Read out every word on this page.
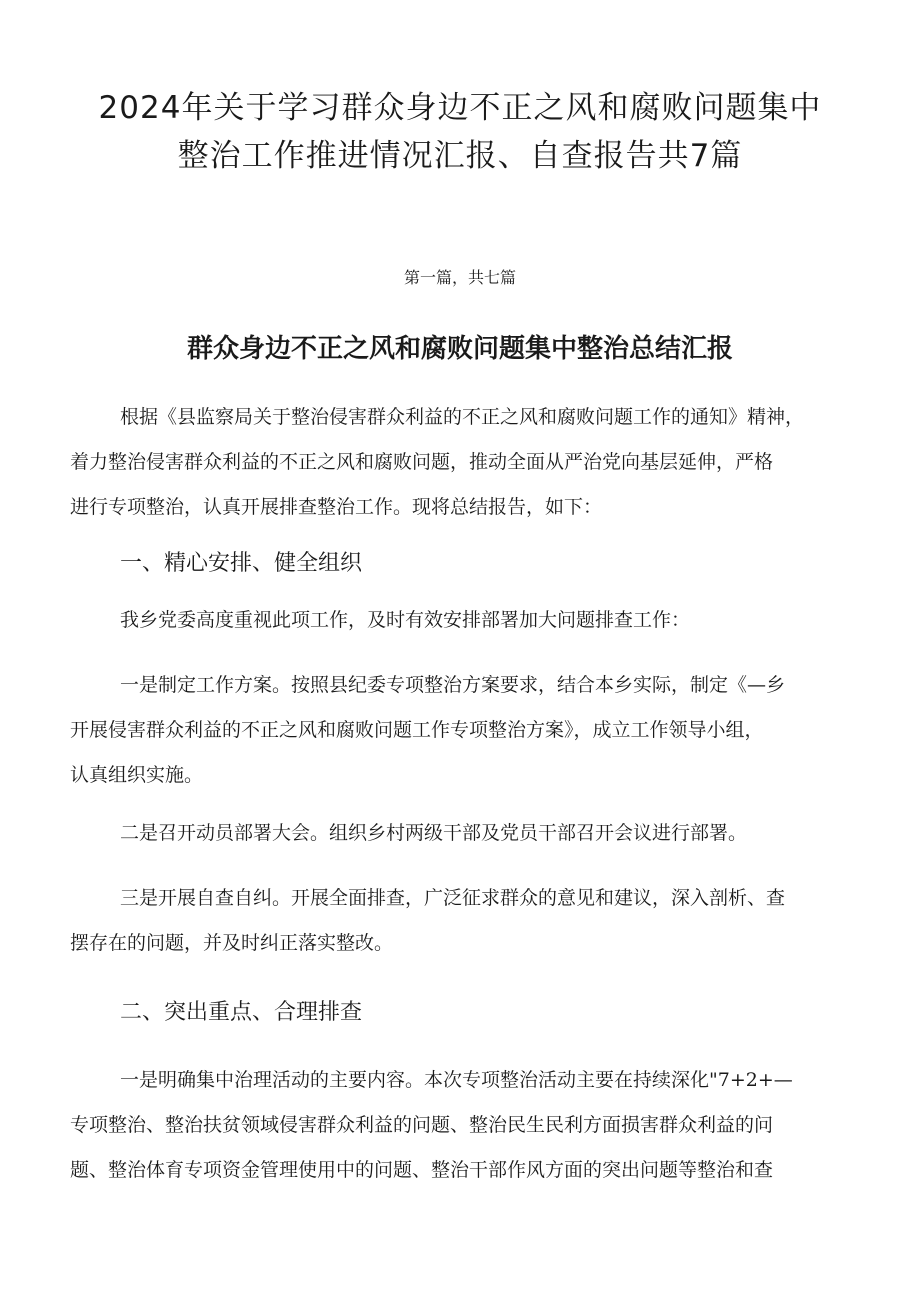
2024年关于学习群众身边不正之风和腐败问题集中
整治工作推进情况汇报、自查报告共7篇
第一篇，共七篇
群众身边不正之风和腐败问题集中整治总结汇报
根据《县监察局关于整治侵害群众利益的不正之风和腐败问题工作的通知》精神，
着力整治侵害群众利益的不正之风和腐败问题，推动全面从严治党向基层延伸，严格
进行专项整治，认真开展排查整治工作。现将总结报告，如下：
一、精心安排、健全组织
我乡党委高度重视此项工作，及时有效安排部署加大问题排查工作：
一是制定工作方案。按照县纪委专项整治方案要求，结合本乡实际，制定《—乡
开展侵害群众利益的不正之风和腐败问题工作专项整治方案》，成立工作领导小组，
认真组织实施。
二是召开动员部署大会。组织乡村两级干部及党员干部召开会议进行部署。
三是开展自查自纠。开展全面排查，广泛征求群众的意见和建议，深入剖析、查
摆存在的问题，并及时纠正落实整改。
二、突出重点、合理排查
一是明确集中治理活动的主要内容。本次专项整治活动主要在持续深化"7+2+—
专项整治、整治扶贫领域侵害群众利益的问题、整治民生民利方面损害群众利益的问
题、整治体育专项资金管理使用中的问题、整治干部作风方面的突出问题等整治和查
